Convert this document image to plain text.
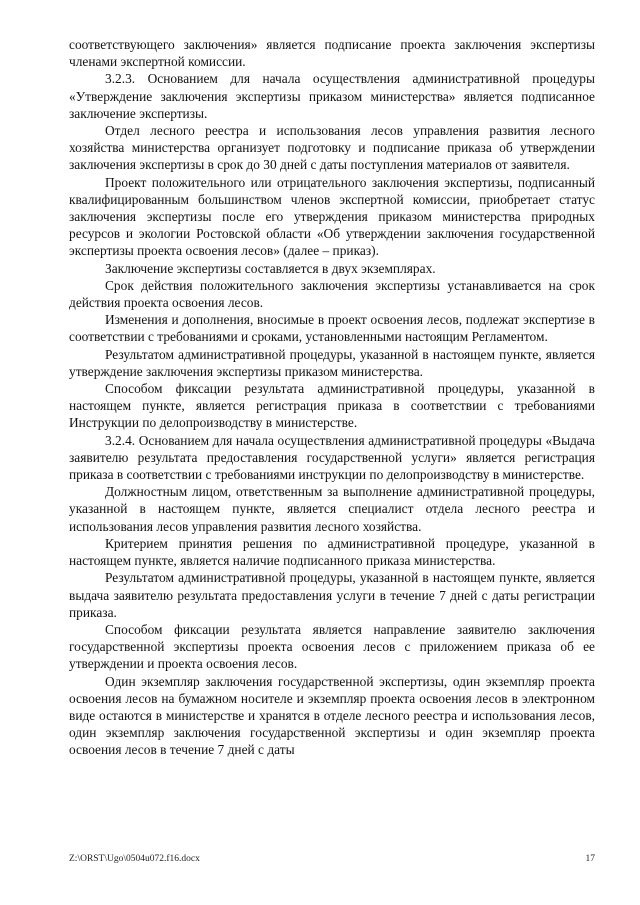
соответствующего заключения» является подписание проекта заключения экспертизы членами экспертной комиссии.

3.2.3. Основанием для начала осуществления административной процедуры «Утверждение заключения экспертизы приказом министерства» является подписанное заключение экспертизы.

Отдел лесного реестра и использования лесов управления развития лесного хозяйства министерства организует подготовку и подписание приказа об утверждении заключения экспертизы в срок до 30 дней с даты поступления материалов от заявителя.

Проект положительного или отрицательного заключения экспертизы, подписанный квалифицированным большинством членов экспертной комиссии, приобретает статус заключения экспертизы после его утверждения приказом министерства природных ресурсов и экологии Ростовской области «Об утверждении заключения государственной экспертизы проекта освоения лесов» (далее – приказ).

Заключение экспертизы составляется в двух экземплярах.

Срок действия положительного заключения экспертизы устанавливается на срок действия проекта освоения лесов.

Изменения и дополнения, вносимые в проект освоения лесов, подлежат экспертизе в соответствии с требованиями и сроками, установленными настоящим Регламентом.

Результатом административной процедуры, указанной в настоящем пункте, является утверждение заключения экспертизы приказом министерства.

Способом фиксации результата административной процедуры, указанной в настоящем пункте, является регистрация приказа в соответствии с требованиями Инструкции по делопроизводству в министерстве.

3.2.4. Основанием для начала осуществления административной процедуры «Выдача заявителю результата предоставления государственной услуги» является регистрация приказа в соответствии с требованиями инструкции по делопроизводству в министерстве.

Должностным лицом, ответственным за выполнение административной процедуры, указанной в настоящем пункте, является специалист отдела лесного реестра и использования лесов управления развития лесного хозяйства.

Критерием принятия решения по административной процедуре, указанной в настоящем пункте, является наличие подписанного приказа министерства.

Результатом административной процедуры, указанной в настоящем пункте, является выдача заявителю результата предоставления услуги в течение 7 дней с даты регистрации приказа.

Способом фиксации результата является направление заявителю заключения государственной экспертизы проекта освоения лесов с приложением приказа об ее утверждении и проекта освоения лесов.

Один экземпляр заключения государственной экспертизы, один экземпляр проекта освоения лесов на бумажном носителе и экземпляр проекта освоения лесов в электронном виде остаются в министерстве и хранятся в отделе лесного реестра и использования лесов, один экземпляр заключения государственной экспертизы и один экземпляр проекта освоения лесов в течение 7 дней с даты

Z:\ORST\Ugo\0504u072.f16.docx	17
